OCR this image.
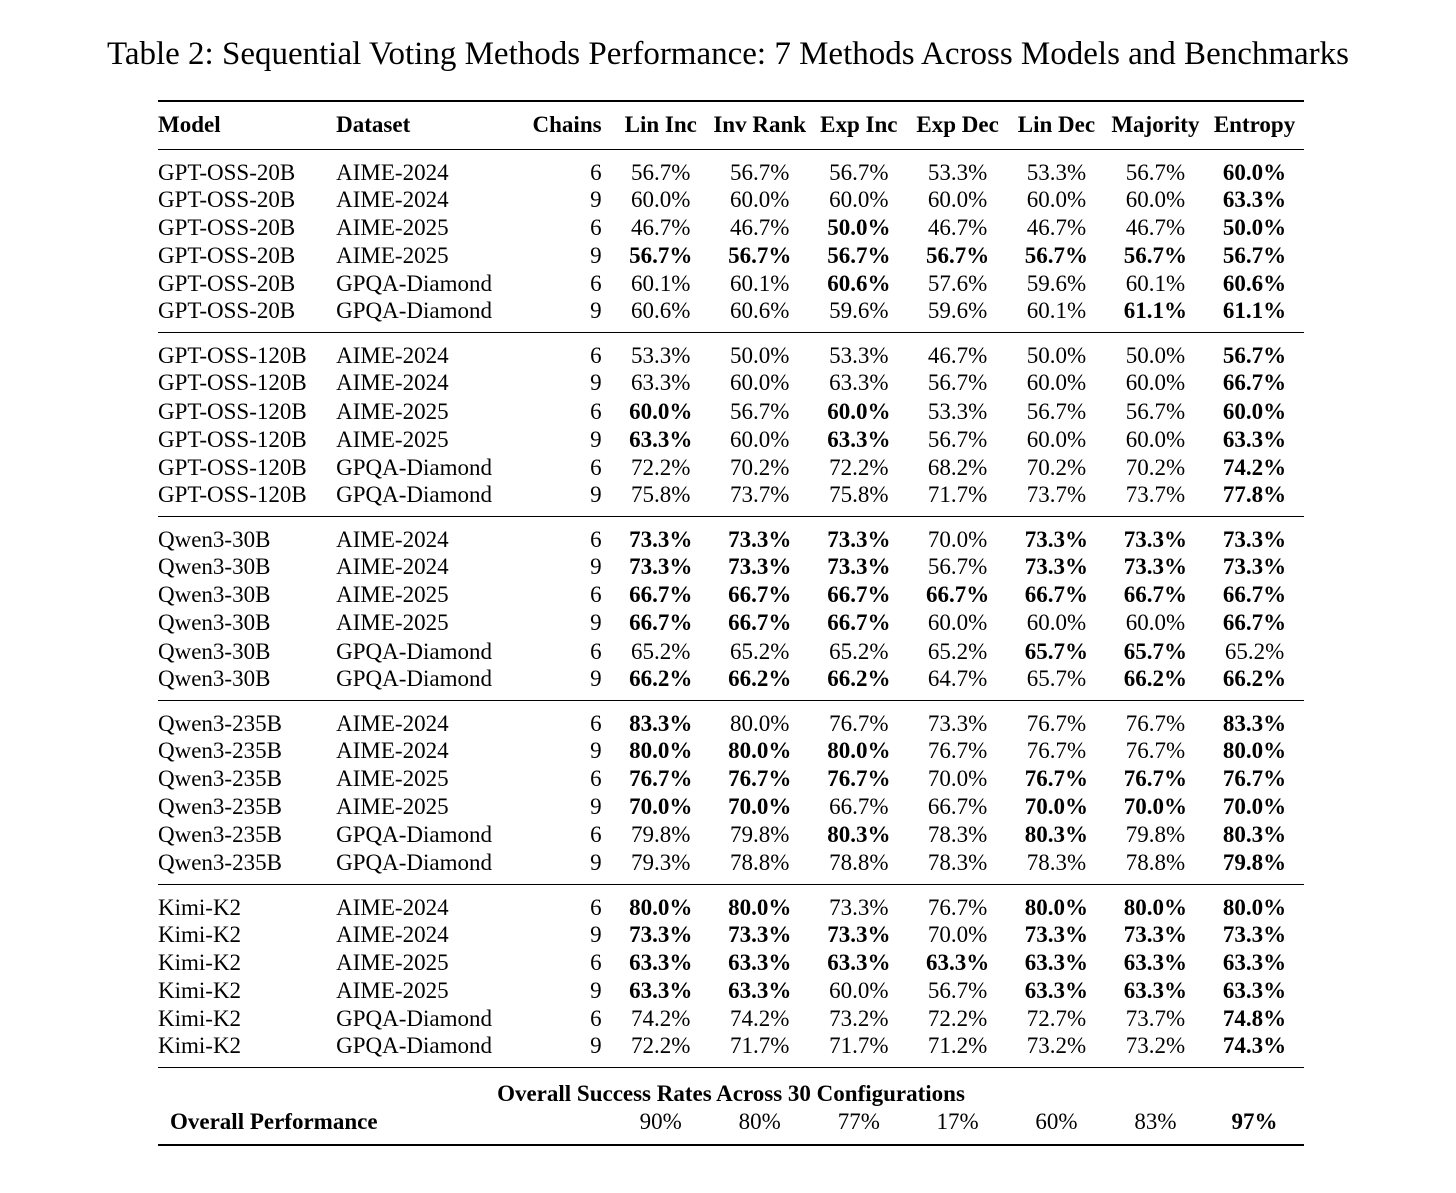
Table 2: Sequential Voting Methods Performance: 7 Methods Across Models and Benchmarks
Model	Dataset	Chains	Lin Inc	Inv Rank	Exp Inc	Exp Dec	Lin Dec	Majority	Entropy
GPT-OSS-20B	AIME-2024	6	56.7%	56.7%	56.7%	53.3%	53.3%	56.7%	60.0%
GPT-OSS-20B	AIME-2024	9	60.0%	60.0%	60.0%	60.0%	60.0%	60.0%	63.3%
GPT-OSS-20B	AIME-2025	6	46.7%	46.7%	50.0%	46.7%	46.7%	46.7%	50.0%
GPT-OSS-20B	AIME-2025	9	56.7%	56.7%	56.7%	56.7%	56.7%	56.7%	56.7%
GPT-OSS-20B	GPQA-Diamond	6	60.1%	60.1%	60.6%	57.6%	59.6%	60.1%	60.6%
GPT-OSS-20B	GPQA-Diamond	9	60.6%	60.6%	59.6%	59.6%	60.1%	61.1%	61.1%
GPT-OSS-120B	AIME-2024	6	53.3%	50.0%	53.3%	46.7%	50.0%	50.0%	56.7%
GPT-OSS-120B	AIME-2024	9	63.3%	60.0%	63.3%	56.7%	60.0%	60.0%	66.7%
GPT-OSS-120B	AIME-2025	6	60.0%	56.7%	60.0%	53.3%	56.7%	56.7%	60.0%
GPT-OSS-120B	AIME-2025	9	63.3%	60.0%	63.3%	56.7%	60.0%	60.0%	63.3%
GPT-OSS-120B	GPQA-Diamond	6	72.2%	70.2%	72.2%	68.2%	70.2%	70.2%	74.2%
GPT-OSS-120B	GPQA-Diamond	9	75.8%	73.7%	75.8%	71.7%	73.7%	73.7%	77.8%
Qwen3-30B	AIME-2024	6	73.3%	73.3%	73.3%	70.0%	73.3%	73.3%	73.3%
Qwen3-30B	AIME-2024	9	73.3%	73.3%	73.3%	56.7%	73.3%	73.3%	73.3%
Qwen3-30B	AIME-2025	6	66.7%	66.7%	66.7%	66.7%	66.7%	66.7%	66.7%
Qwen3-30B	AIME-2025	9	66.7%	66.7%	66.7%	60.0%	60.0%	60.0%	66.7%
Qwen3-30B	GPQA-Diamond	6	65.2%	65.2%	65.2%	65.2%	65.7%	65.7%	65.2%
Qwen3-30B	GPQA-Diamond	9	66.2%	66.2%	66.2%	64.7%	65.7%	66.2%	66.2%
Qwen3-235B	AIME-2024	6	83.3%	80.0%	76.7%	73.3%	76.7%	76.7%	83.3%
Qwen3-235B	AIME-2024	9	80.0%	80.0%	80.0%	76.7%	76.7%	76.7%	80.0%
Qwen3-235B	AIME-2025	6	76.7%	76.7%	76.7%	70.0%	76.7%	76.7%	76.7%
Qwen3-235B	AIME-2025	9	70.0%	70.0%	66.7%	66.7%	70.0%	70.0%	70.0%
Qwen3-235B	GPQA-Diamond	6	79.8%	79.8%	80.3%	78.3%	80.3%	79.8%	80.3%
Qwen3-235B	GPQA-Diamond	9	79.3%	78.8%	78.8%	78.3%	78.3%	78.8%	79.8%
Kimi-K2	AIME-2024	6	80.0%	80.0%	73.3%	76.7%	80.0%	80.0%	80.0%
Kimi-K2	AIME-2024	9	73.3%	73.3%	73.3%	70.0%	73.3%	73.3%	73.3%
Kimi-K2	AIME-2025	6	63.3%	63.3%	63.3%	63.3%	63.3%	63.3%	63.3%
Kimi-K2	AIME-2025	9	63.3%	63.3%	60.0%	56.7%	63.3%	63.3%	63.3%
Kimi-K2	GPQA-Diamond	6	74.2%	74.2%	73.2%	72.2%	72.7%	73.7%	74.8%
Kimi-K2	GPQA-Diamond	9	72.2%	71.7%	71.7%	71.2%	73.2%	73.2%	74.3%
Overall Success Rates Across 30 Configurations									
Overall Performance			90%	80%	77%	17%	60%	83%	97%
